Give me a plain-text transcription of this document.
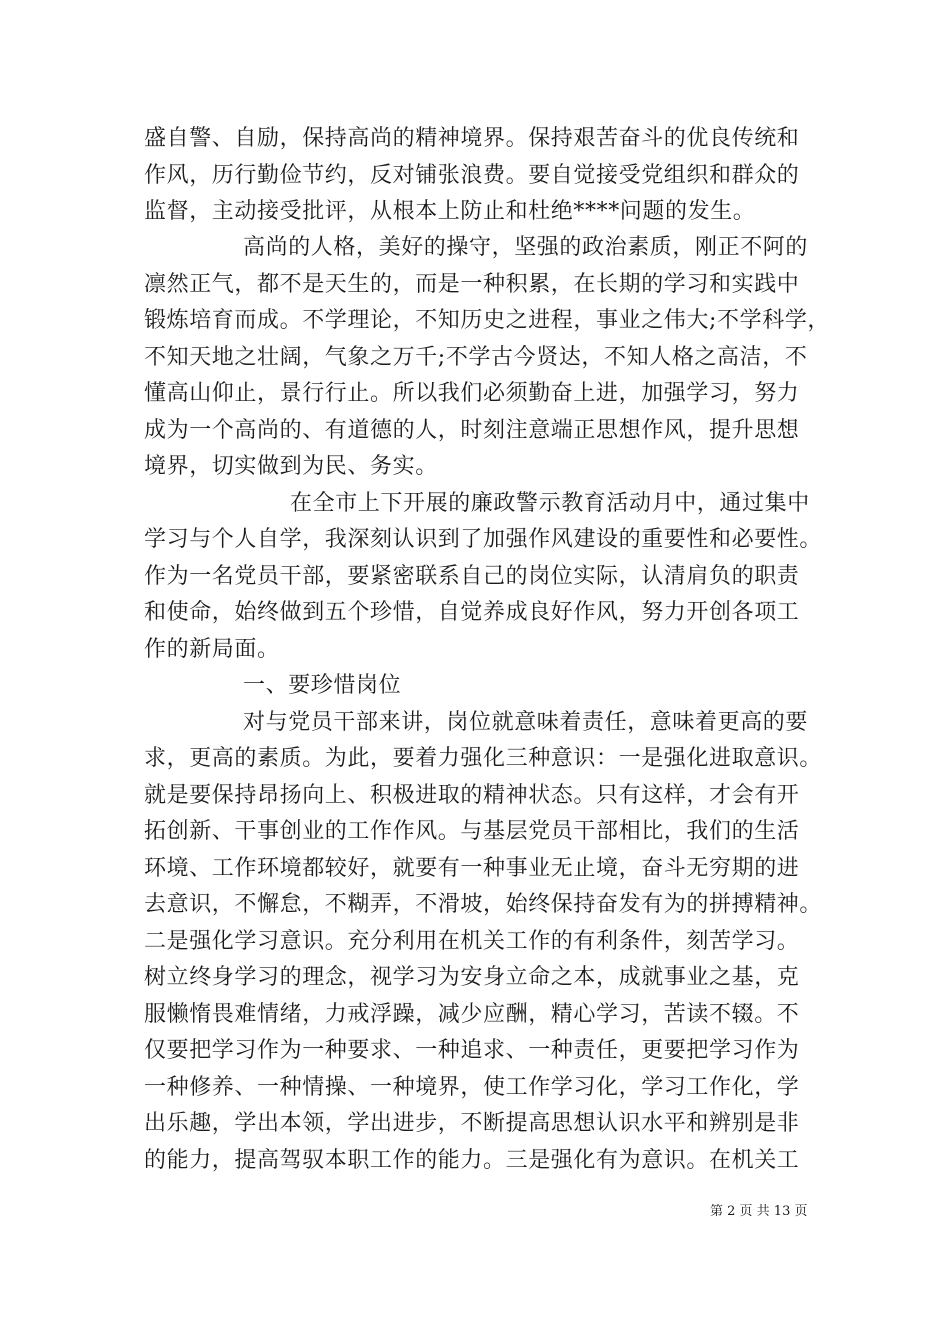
盛自警、自励，保持高尚的精神境界。保持艰苦奋斗的优良传统和
作风，历行勤俭节约，反对铺张浪费。要自觉接受党组织和群众的
监督，主动接受批评，从根本上防止和杜绝****问题的发生。
高尚的人格，美好的操守，坚强的政治素质，刚正不阿的
凛然正气，都不是天生的，而是一种积累，在长期的学习和实践中
锻炼培育而成。不学理论，不知历史之进程，事业之伟大;不学科学，
不知天地之壮阔，气象之万千;不学古今贤达，不知人格之高洁，不
懂高山仰止，景行行止。所以我们必须勤奋上进，加强学习，努力
成为一个高尚的、有道德的人，时刻注意端正思想作风，提升思想
境界，切实做到为民、务实。
在全市上下开展的廉政警示教育活动月中，通过集中
学习与个人自学，我深刻认识到了加强作风建设的重要性和必要性。
作为一名党员干部，要紧密联系自己的岗位实际，认清肩负的职责
和使命，始终做到五个珍惜，自觉养成良好作风，努力开创各项工
作的新局面。
一、要珍惜岗位
对与党员干部来讲，岗位就意味着责任，意味着更高的要
求，更高的素质。为此，要着力强化三种意识：一是强化进取意识。
就是要保持昂扬向上、积极进取的精神状态。只有这样，才会有开
拓创新、干事创业的工作作风。与基层党员干部相比，我们的生活
环境、工作环境都较好，就要有一种事业无止境，奋斗无穷期的进
去意识，不懈怠，不糊弄，不滑坡，始终保持奋发有为的拼搏精神。
二是强化学习意识。充分利用在机关工作的有利条件，刻苦学习。
树立终身学习的理念，视学习为安身立命之本，成就事业之基，克
服懒惰畏难情绪，力戒浮躁，减少应酬，精心学习，苦读不辍。不
仅要把学习作为一种要求、一种追求、一种责任，更要把学习作为
一种修养、一种情操、一种境界，使工作学习化，学习工作化，学
出乐趣，学出本领，学出进步，不断提高思想认识水平和辨别是非
的能力，提高驾驭本职工作的能力。三是强化有为意识。在机关工
第 2 页 共 13 页
